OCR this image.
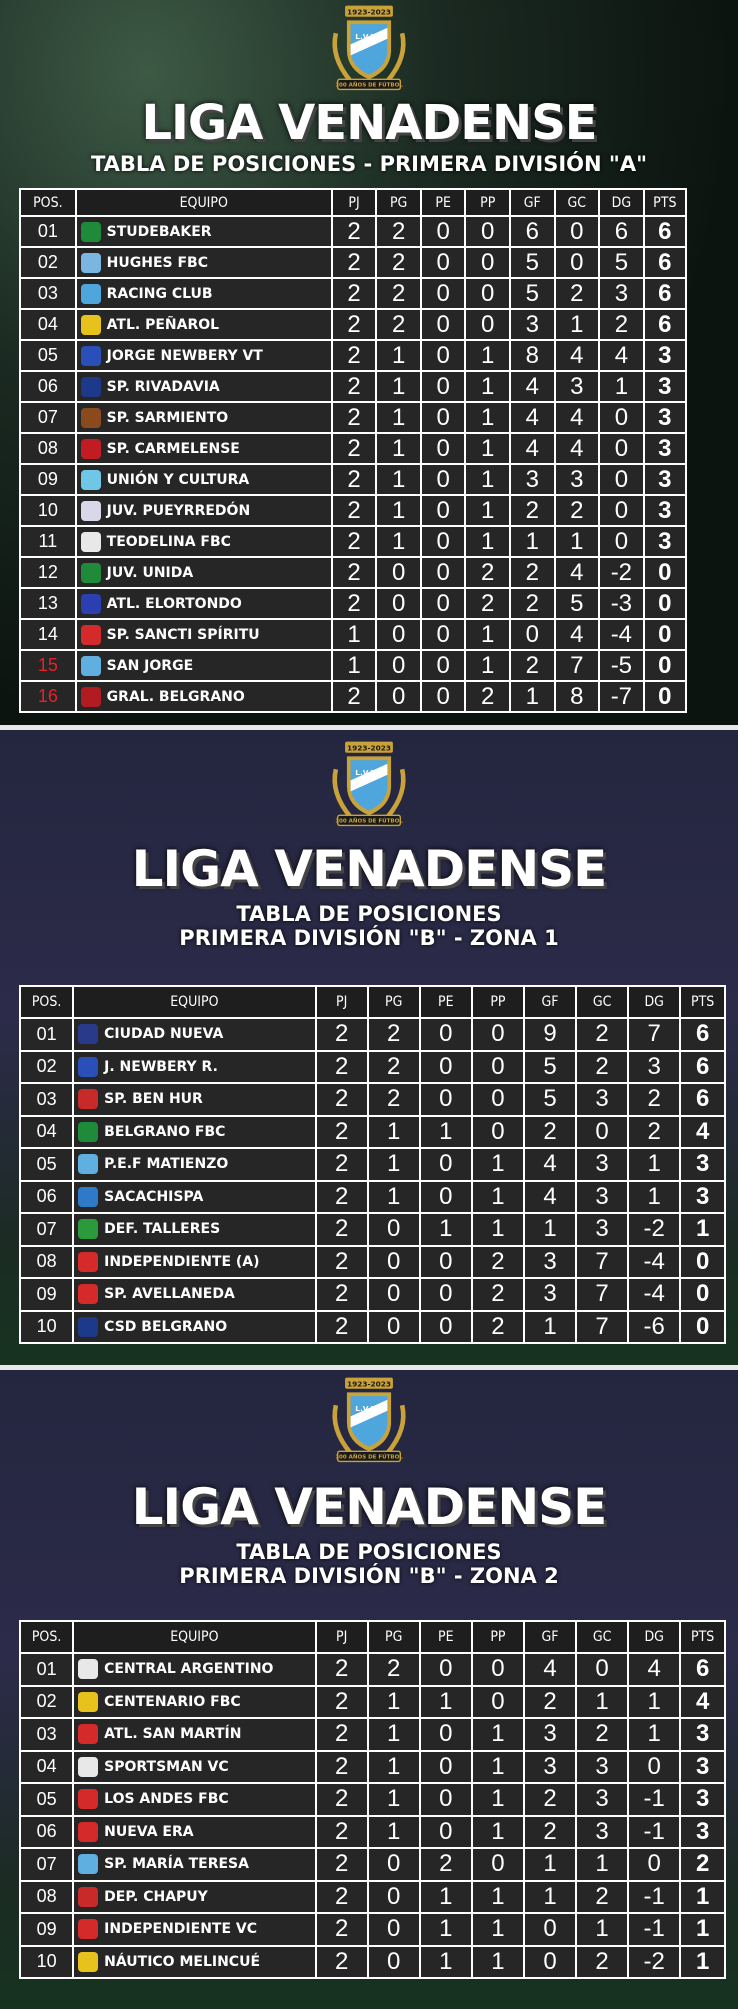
1923-2023
L.V.F.B
100 AÑOS DE FÚTBOL
LIGA VENADENSE
TABLA DE POSICIONES - PRIMERA DIVISIÓN "A"
POS.	EQUIPO	PJ	PG	PE	PP	GF	GC	DG	PTS
01	STUDEBAKER	2	2	0	0	6	0	6	6
02	HUGHES FBC	2	2	0	0	5	0	5	6
03	RACING CLUB	2	2	0	0	5	2	3	6
04	ATL. PEÑAROL	2	2	0	0	3	1	2	6
05	JORGE NEWBERY VT	2	1	0	1	8	4	4	3
06	SP. RIVADAVIA	2	1	0	1	4	3	1	3
07	SP. SARMIENTO	2	1	0	1	4	4	0	3
08	SP. CARMELENSE	2	1	0	1	4	4	0	3
09	UNIÓN Y CULTURA	2	1	0	1	3	3	0	3
10	JUV. PUEYRREDÓN	2	1	0	1	2	2	0	3
11	TEODELINA FBC	2	1	0	1	1	1	0	3
12	JUV. UNIDA	2	0	0	2	2	4	-2	0
13	ATL. ELORTONDO	2	0	0	2	2	5	-3	0
14	SP. SANCTI SPÍRITU	1	0	0	1	0	4	-4	0
15	SAN JORGE	1	0	0	1	2	7	-5	0
16	GRAL. BELGRANO	2	0	0	2	1	8	-7	0
1923-2023
L.V.F.B
100 AÑOS DE FÚTBOL
LIGA VENADENSE
TABLA DE POSICIONES
PRIMERA DIVISIÓN "B" - ZONA 1
POS.	EQUIPO	PJ	PG	PE	PP	GF	GC	DG	PTS
01	CIUDAD NUEVA	2	2	0	0	9	2	7	6
02	J. NEWBERY R.	2	2	0	0	5	2	3	6
03	SP. BEN HUR	2	2	0	0	5	3	2	6
04	BELGRANO FBC	2	1	1	0	2	0	2	4
05	P.E.F MATIENZO	2	1	0	1	4	3	1	3
06	SACACHISPA	2	1	0	1	4	3	1	3
07	DEF. TALLERES	2	0	1	1	1	3	-2	1
08	INDEPENDIENTE (A)	2	0	0	2	3	7	-4	0
09	SP. AVELLANEDA	2	0	0	2	3	7	-4	0
10	CSD BELGRANO	2	0	0	2	1	7	-6	0
1923-2023
L.V.F.B
100 AÑOS DE FÚTBOL
LIGA VENADENSE
TABLA DE POSICIONES
PRIMERA DIVISIÓN "B" - ZONA 2
POS.	EQUIPO	PJ	PG	PE	PP	GF	GC	DG	PTS
01	CENTRAL ARGENTINO	2	2	0	0	4	0	4	6
02	CENTENARIO FBC	2	1	1	0	2	1	1	4
03	ATL. SAN MARTÍN	2	1	0	1	3	2	1	3
04	SPORTSMAN VC	2	1	0	1	3	3	0	3
05	LOS ANDES FBC	2	1	0	1	2	3	-1	3
06	NUEVA ERA	2	1	0	1	2	3	-1	3
07	SP. MARÍA TERESA	2	0	2	0	1	1	0	2
08	DEP. CHAPUY	2	0	1	1	1	2	-1	1
09	INDEPENDIENTE VC	2	0	1	1	0	1	-1	1
10	NÁUTICO MELINCUÉ	2	0	1	1	0	2	-2	1
